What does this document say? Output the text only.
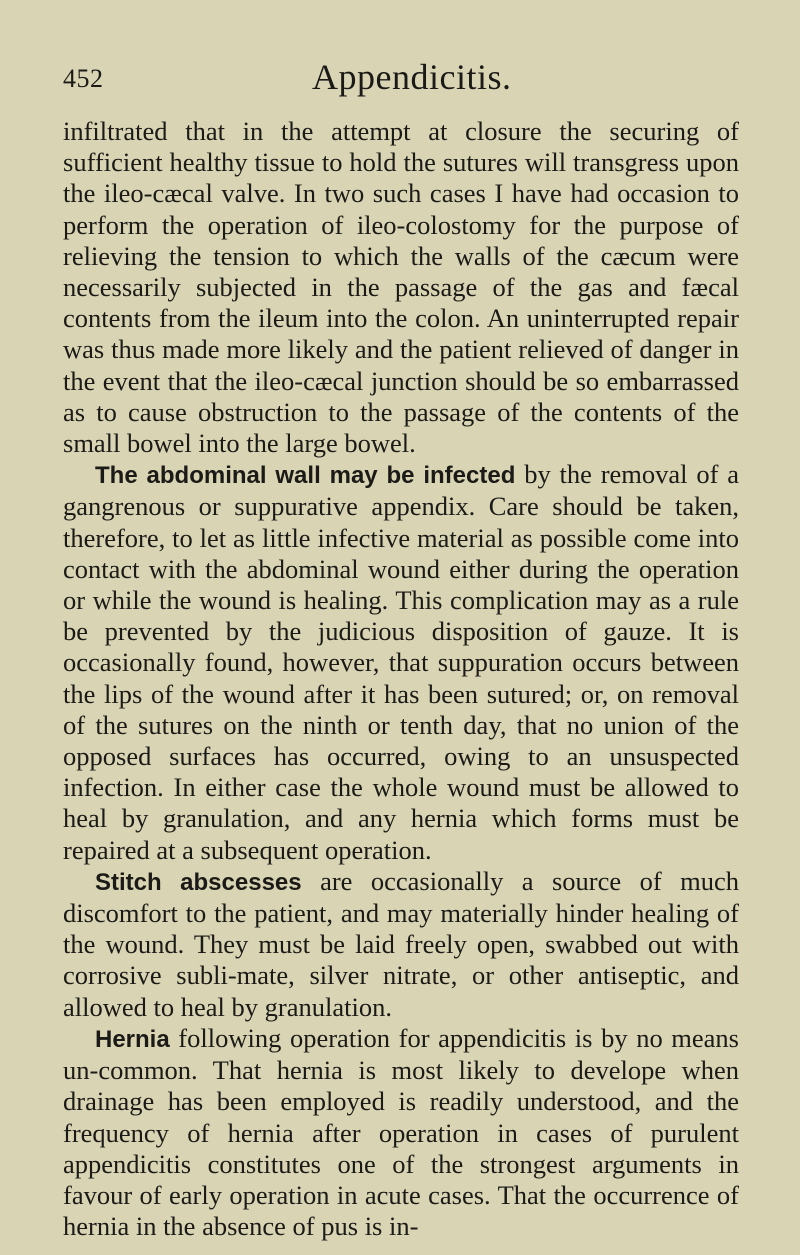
452	Appendicitis.

infiltrated that in the attempt at closure the securing of sufficient healthy tissue to hold the sutures will transgress upon the ileo-cæcal valve. In two such cases I have had occasion to perform the operation of ileo-colostomy for the purpose of relieving the tension to which the walls of the cæcum were necessarily subjected in the passage of the gas and fæcal contents from the ileum into the colon. An uninterrupted repair was thus made more likely and the patient relieved of danger in the event that the ileo-cæcal junction should be so embarrassed as to cause obstruction to the passage of the contents of the small bowel into the large bowel.

The abdominal wall may be infected by the removal of a gangrenous or suppurative appendix. Care should be taken, therefore, to let as little infective material as possible come into contact with the abdominal wound either during the operation or while the wound is healing. This complication may as a rule be prevented by the judicious disposition of gauze. It is occasionally found, however, that suppuration occurs between the lips of the wound after it has been sutured; or, on removal of the sutures on the ninth or tenth day, that no union of the opposed surfaces has occurred, owing to an unsuspected infection. In either case the whole wound must be allowed to heal by granulation, and any hernia which forms must be repaired at a subsequent operation.

Stitch abscesses are occasionally a source of much discomfort to the patient, and may materially hinder healing of the wound. They must be laid freely open, swabbed out with corrosive subli-mate, silver nitrate, or other antiseptic, and allowed to heal by granulation.

Hernia following operation for appendicitis is by no means un-common. That hernia is most likely to develope when drainage has been employed is readily understood, and the frequency of hernia after operation in cases of purulent appendicitis constitutes one of the strongest arguments in favour of early operation in acute cases. That the occurrence of hernia in the absence of pus is in-
